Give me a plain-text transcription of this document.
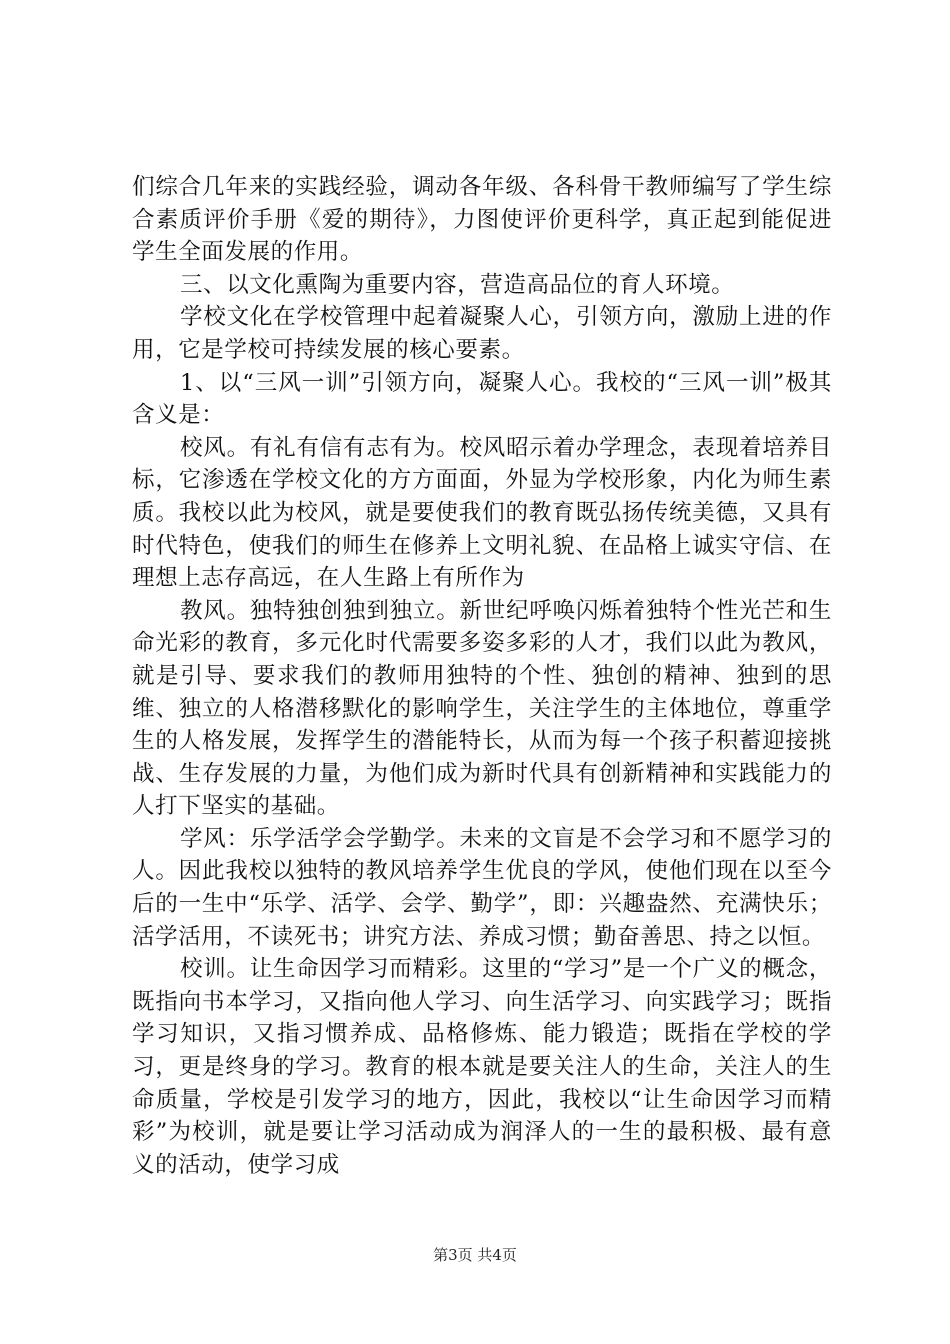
们综合几年来的实践经验，调动各年级、各科骨干教师编写了学生综合素质评价手册《爱的期待》，力图使评价更科学，真正起到能促进学生全面发展的作用。

三、以文化熏陶为重要内容，营造高品位的育人环境。

学校文化在学校管理中起着凝聚人心，引领方向，激励上进的作用，它是学校可持续发展的核心要素。

1、以“三风一训”引领方向，凝聚人心。我校的“三风一训”极其含义是：

校风。有礼有信有志有为。校风昭示着办学理念，表现着培养目标，它渗透在学校文化的方方面面，外显为学校形象，内化为师生素质。我校以此为校风，就是要使我们的教育既弘扬传统美德，又具有时代特色，使我们的师生在修养上文明礼貌、在品格上诚实守信、在理想上志存高远，在人生路上有所作为

教风。独特独创独到独立。新世纪呼唤闪烁着独特个性光芒和生命光彩的教育，多元化时代需要多姿多彩的人才，我们以此为教风，就是引导、要求我们的教师用独特的个性、独创的精神、独到的思维、独立的人格潜移默化的影响学生，关注学生的主体地位，尊重学生的人格发展，发挥学生的潜能特长，从而为每一个孩子积蓄迎接挑战、生存发展的力量，为他们成为新时代具有创新精神和实践能力的人打下坚实的基础。

学风：乐学活学会学勤学。未来的文盲是不会学习和不愿学习的人。因此我校以独特的教风培养学生优良的学风，使他们现在以至今后的一生中“乐学、活学、会学、勤学”，即：兴趣盎然、充满快乐；活学活用，不读死书；讲究方法、养成习惯；勤奋善思、持之以恒。

校训。让生命因学习而精彩。这里的“学习”是一个广义的概念，既指向书本学习，又指向他人学习、向生活学习、向实践学习；既指学习知识，又指习惯养成、品格修炼、能力锻造；既指在学校的学习，更是终身的学习。教育的根本就是要关注人的生命，关注人的生命质量，学校是引发学习的地方，因此，我校以“让生命因学习而精彩”为校训，就是要让学习活动成为润泽人的一生的最积极、最有意义的活动，使学习成

第3页 共4页
